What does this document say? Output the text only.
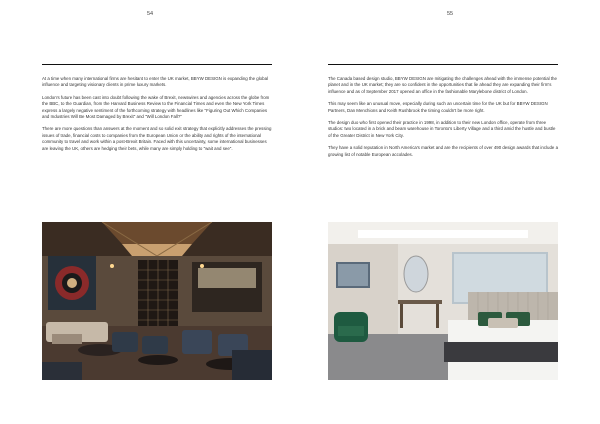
54

At a time when many international firms are hesitant to enter the UK market, BBYW DESIGN is expanding the global influence and targeting visionary clients in prime luxury markets.

London's future has been cast into doubt following the wake of Brexit, newswires and agencies across the globe from the BBC, to the Guardian, from the Harvard Business Review to the Financial Times and even the New York Times express a largely negative sentiment of the forthcoming strategy with headlines like "Figuring Out Which Companies and Industries Will Be Most Damaged by Brexit" and "Will London Fall?"

There are more questions than answers at the moment and so solid exit strategy that explicitly addresses the pressing issues of trade, financial costs to companies from the European Union or the ability and rights of the international community to travel and work within a post-Brexit Britain. Faced with this uncertainty, some international businesses are leaving the UK, others are hedging their bets, while many are simply holding to "wait and see".

55

The Canada based design studio, BBYW DESIGN are mitigating the challenges ahead with the immense potential the planet and in the UK market; they are so confident in the opportunities that lie ahead they are expanding their firm's influence and as of September 2017 opened an office in the fashionable Marylebone district of London.

This may seem like an unusual move, especially during such an uncertain time for the UK but for BBYW DESIGN Partners, Dan Menchions and Keith Rushbrook the timing couldn't be more right.

The design duo who first opened their practice in 1998, in addition to their new London office, operate from three studios: two located in a brick and beam warehouse in Toronto's Liberty Village and a third amid the hustle and bustle of the Greater District in New York City.

They have a solid reputation in North America's market and are the recipients of over 490 design awards that include a growing list of notable European accolades.
